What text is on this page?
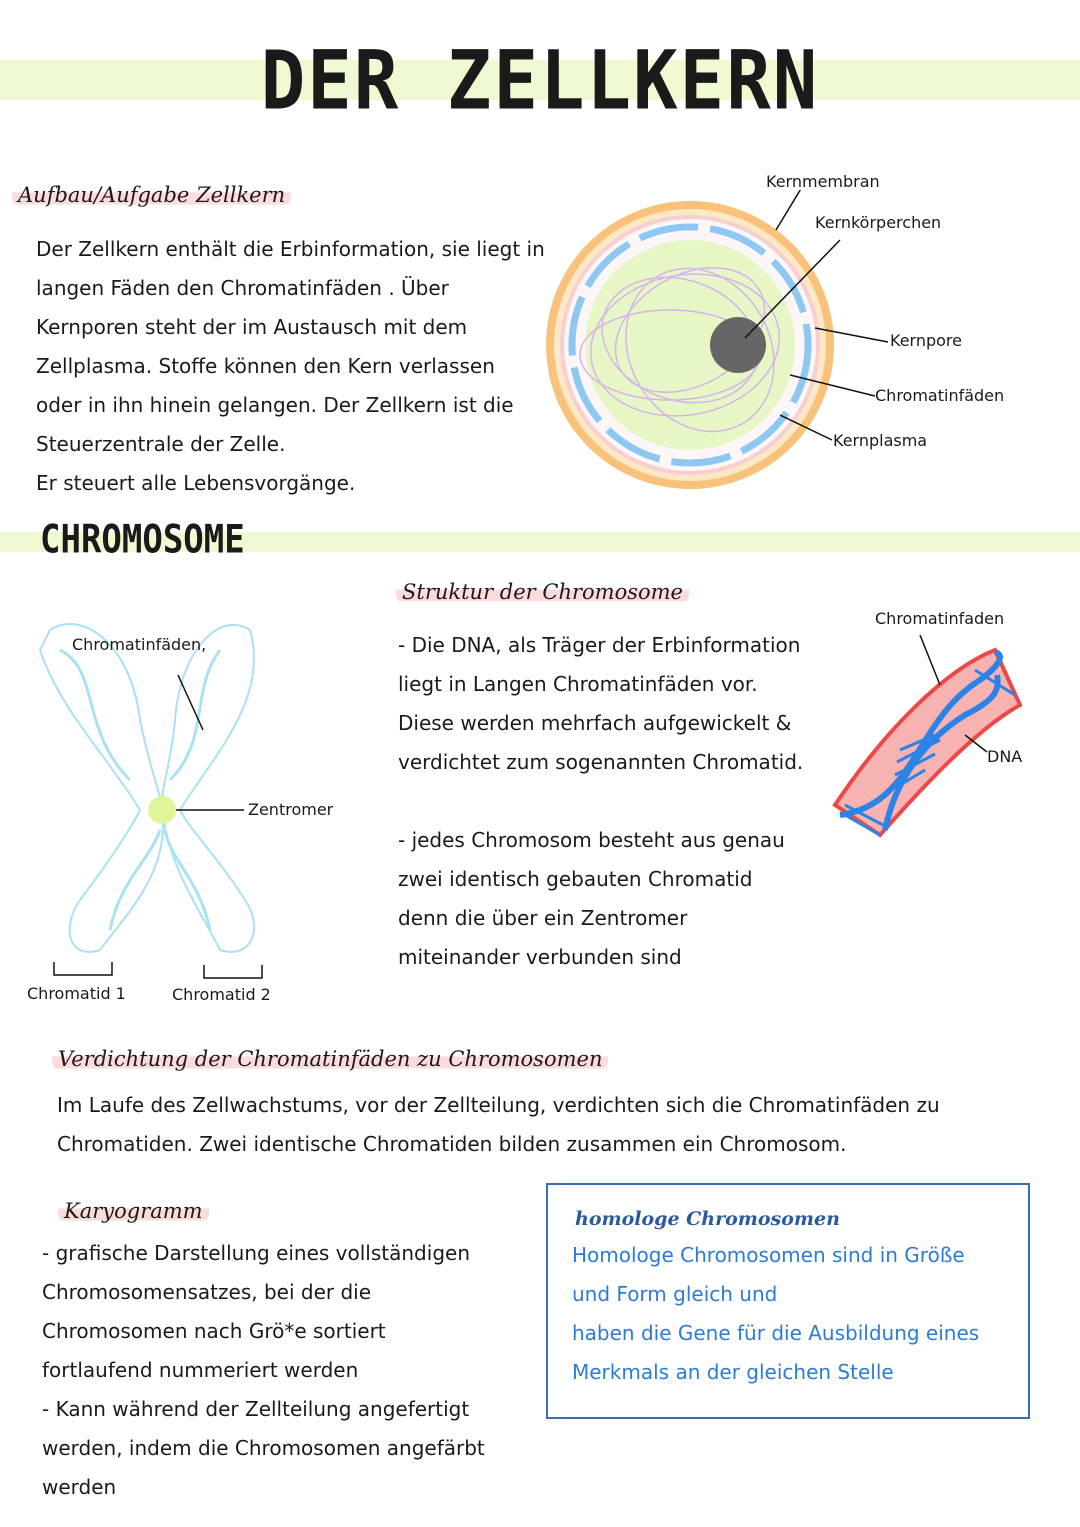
DER ZELLKERN
Aufbau/Aufgabe Zellkern
Der Zellkern enthält die Erbinformation, sie liegt in
langen Fäden den Chromatinfäden . Über
Kernporen steht der im Austausch mit dem
Zellplasma. Stoffe können den Kern verlassen
oder in ihn hinein gelangen. Der Zellkern ist die
Steuerzentrale der Zelle.
Er steuert alle Lebensvorgänge.
Kernmembran
Kernkörperchen
Kernpore
Chromatinfäden
Kernplasma
CHROMOSOME
Chromatinfäden,
Zentromer
Chromatid 1	Chromatid 2
Struktur der Chromosome
- Die DNA, als Träger der Erbinformation
liegt in Langen Chromatinfäden vor.
Diese werden mehrfach aufgewickelt &
verdichtet zum sogenannten Chromatid.
- jedes Chromosom besteht aus genau
zwei identisch gebauten Chromatid
denn die über ein Zentromer
miteinander verbunden sind
Chromatinfaden
DNA
Verdichtung der Chromatinfäden zu Chromosomen
Im Laufe des Zellwachstums, vor der Zellteilung, verdichten sich die Chromatinfäden zu
Chromatiden. Zwei identische Chromatiden bilden zusammen ein Chromosom.
Karyogramm
- grafische Darstellung eines vollständigen
Chromosomensatzes, bei der die
Chromosomen nach Grö*e sortiert
fortlaufend nummeriert werden
- Kann während der Zellteilung angefertigt
werden, indem die Chromosomen angefärbt
werden
homologe Chromosomen
Homologe Chromosomen sind in Größe
und Form gleich und
haben die Gene für die Ausbildung eines
Merkmals an der gleichen Stelle
